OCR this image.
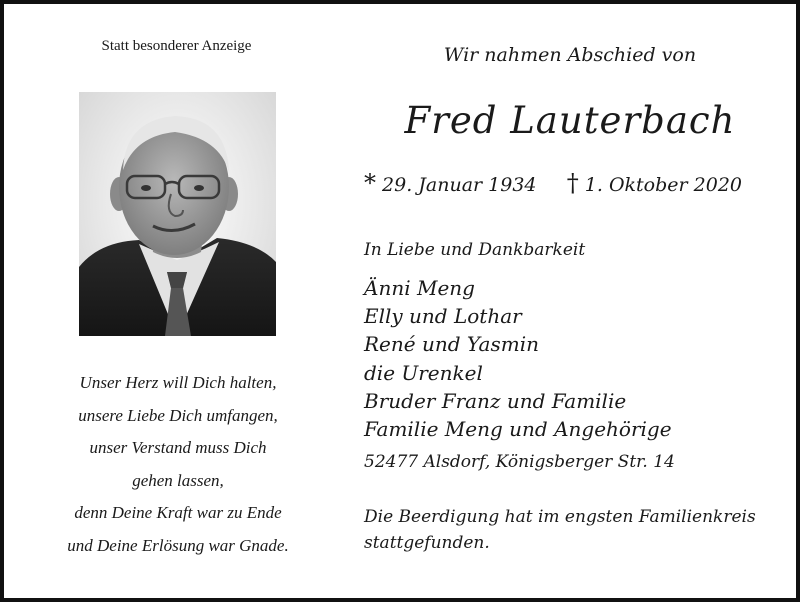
Statt besonderer Anzeige
Unser Herz will Dich halten,
unsere Liebe Dich umfangen,
unser Verstand muss Dich
gehen lassen,
denn Deine Kraft war zu Ende
und Deine Erlösung war Gnade.
Wir nahmen Abschied von
Fred Lauterbach
* 29. Januar 1934 † 1. Oktober 2020
In Liebe und Dankbarkeit
Änni Meng
Elly und Lothar
René und Yasmin
die Urenkel
Bruder Franz und Familie
Familie Meng und Angehörige
52477 Alsdorf, Königsberger Str. 14
Die Beerdigung hat im engsten Familienkreis
stattgefunden.
